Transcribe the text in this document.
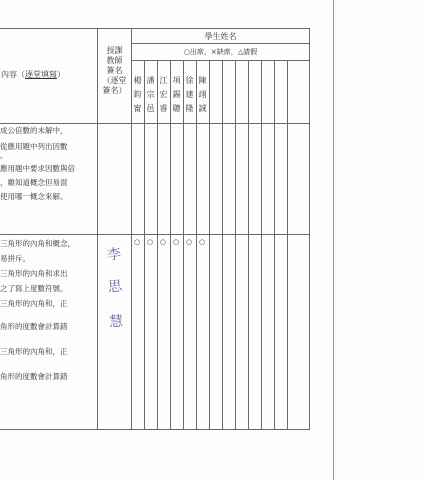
內容（逐堂填寫）
授課
教師
簽名
（逐堂
簽名）
學生姓名
○出席，×缺席，△請假
楊
鈞
甯
潘
宗
邑
江
宏
睿
項
錫
聰
徐
建
隆
陳
翊
誠
成公倍數的未解中，
從應用題中列出因數
。
應用題中要求因數與倍
，雖知道概念但易混
使用哪一概念來解。
三角形的內角和概念，
易拼斥。
三角形的內角和求出
之了寫上度數符號。
三角形的內角和，正
角形的度數會計算錯
三角形的內角和，正
角形的度數會計算錯
○ ○ ○ ○ ○ ○
李
思
慧
